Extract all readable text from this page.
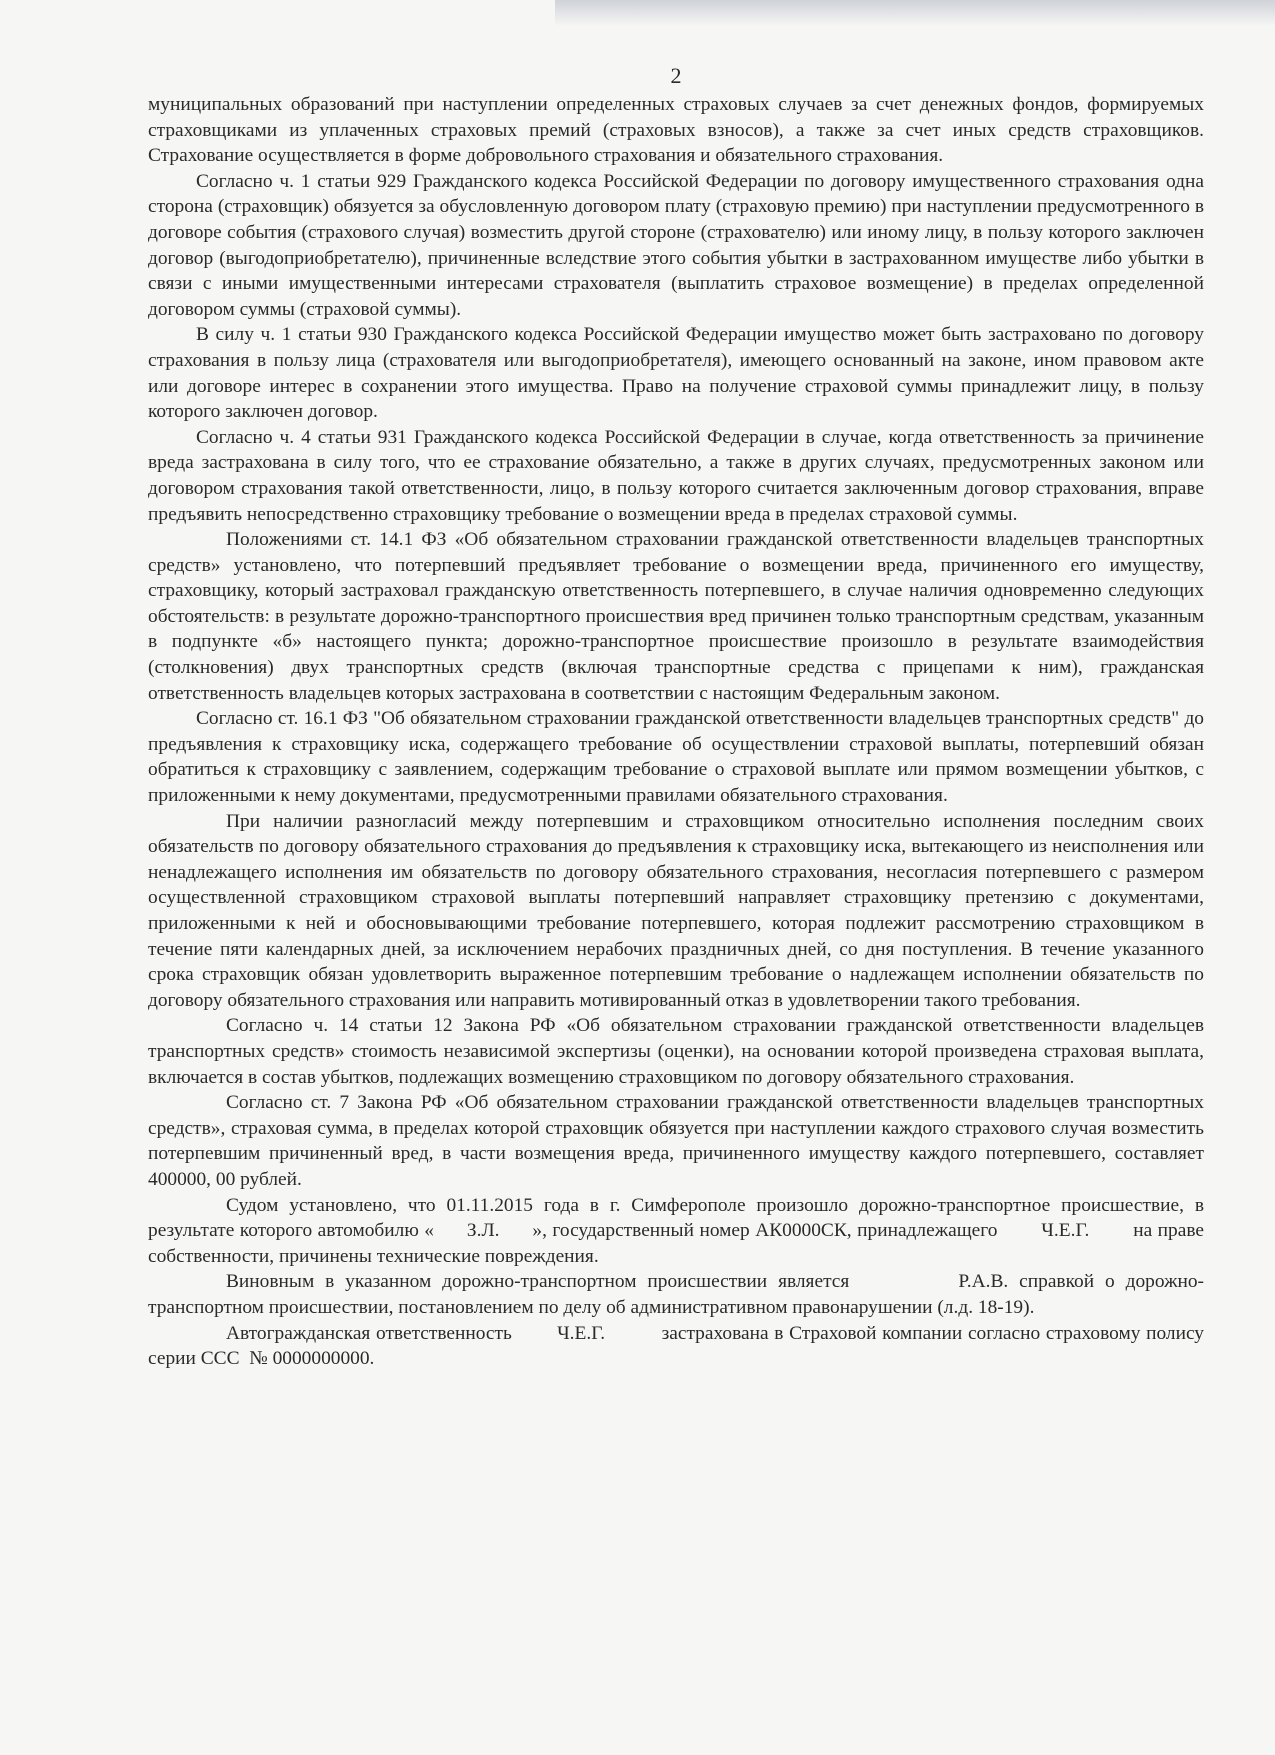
2

муниципальных образований при наступлении определенных страховых случаев за счет денежных фондов, формируемых страховщиками из уплаченных страховых премий (страховых взносов), а также за счет иных средств страховщиков. Страхование осуществляется в форме добровольного страхования и обязательного страхования.

Согласно ч. 1 статьи 929 Гражданского кодекса Российской Федерации по договору имущественного страхования одна сторона (страховщик) обязуется за обусловленную договором плату (страховую премию) при наступлении предусмотренного в договоре события (страхового случая) возместить другой стороне (страхователю) или иному лицу, в пользу которого заключен договор (выгодоприобретателю), причиненные вследствие этого события убытки в застрахованном имуществе либо убытки в связи с иными имущественными интересами страхователя (выплатить страховое возмещение) в пределах определенной договором суммы (страховой суммы).

В силу ч. 1 статьи 930 Гражданского кодекса Российской Федерации имущество может быть застраховано по договору страхования в пользу лица (страхователя или выгодоприобретателя), имеющего основанный на законе, ином правовом акте или договоре интерес в сохранении этого имущества. Право на получение страховой суммы принадлежит лицу, в пользу которого заключен договор.

Согласно ч. 4 статьи 931 Гражданского кодекса Российской Федерации в случае, когда ответственность за причинение вреда застрахована в силу того, что ее страхование обязательно, а также в других случаях, предусмотренных законом или договором страхования такой ответственности, лицо, в пользу которого считается заключенным договор страхования, вправе предъявить непосредственно страховщику требование о возмещении вреда в пределах страховой суммы.

Положениями ст. 14.1 ФЗ «Об обязательном страховании гражданской ответственности владельцев транспортных средств» установлено, что потерпевший предъявляет требование о возмещении вреда, причиненного его имуществу, страховщику, который застраховал гражданскую ответственность потерпевшего, в случае наличия одновременно следующих обстоятельств: в результате дорожно-транспортного происшествия вред причинен только транспортным средствам, указанным в подпункте «б» настоящего пункта; дорожно-транспортное происшествие произошло в результате взаимодействия (столкновения) двух транспортных средств (включая транспортные средства с прицепами к ним), гражданская ответственность владельцев которых застрахована в соответствии с настоящим Федеральным законом.

Согласно ст. 16.1 ФЗ "Об обязательном страховании гражданской ответственности владельцев транспортных средств" до предъявления к страховщику иска, содержащего требование об осуществлении страховой выплаты, потерпевший обязан обратиться к страховщику с заявлением, содержащим требование о страховой выплате или прямом возмещении убытков, с приложенными к нему документами, предусмотренными правилами обязательного страхования.

При наличии разногласий между потерпевшим и страховщиком относительно исполнения последним своих обязательств по договору обязательного страхования до предъявления к страховщику иска, вытекающего из неисполнения или ненадлежащего исполнения им обязательств по договору обязательного страхования, несогласия потерпевшего с размером осуществленной страховщиком страховой выплаты потерпевший направляет страховщику претензию с документами, приложенными к ней и обосновывающими требование потерпевшего, которая подлежит рассмотрению страховщиком в течение пяти календарных дней, за исключением нерабочих праздничных дней, со дня поступления. В течение указанного срока страховщик обязан удовлетворить выраженное потерпевшим требование о надлежащем исполнении обязательств по договору обязательного страхования или направить мотивированный отказ в удовлетворении такого требования.

Согласно ч. 14 статьи 12 Закона РФ «Об обязательном страховании гражданской ответственности владельцев транспортных средств» стоимость независимой экспертизы (оценки), на основании которой произведена страховая выплата, включается в состав убытков, подлежащих возмещению страховщиком по договору обязательного страхования.

Согласно ст. 7 Закона РФ «Об обязательном страховании гражданской ответственности владельцев транспортных средств», страховая сумма, в пределах которой страховщик обязуется при наступлении каждого страхового случая возместить потерпевшим причиненный вред, в части возмещения вреда, причиненного имуществу каждого потерпевшего, составляет 400000, 00 рублей.

Судом установлено, что 01.11.2015 года в г. Симферополе произошло дорожно-транспортное происшествие, в результате которого автомобилю «      З.Л.      », государственный номер АК0000СК, принадлежащего        Ч.Е.Г.        на праве собственности, причинены технические повреждения.

Виновным в указанном дорожно-транспортном происшествии является          Р.А.В. справкой о дорожно-транспортном происшествии, постановлением по делу об административном правонарушении (л.д. 18-19).

Автогражданская ответственность        Ч.Е.Г.          застрахована в Страховой компании согласно страховому полису серии ССС  № 0000000000.
